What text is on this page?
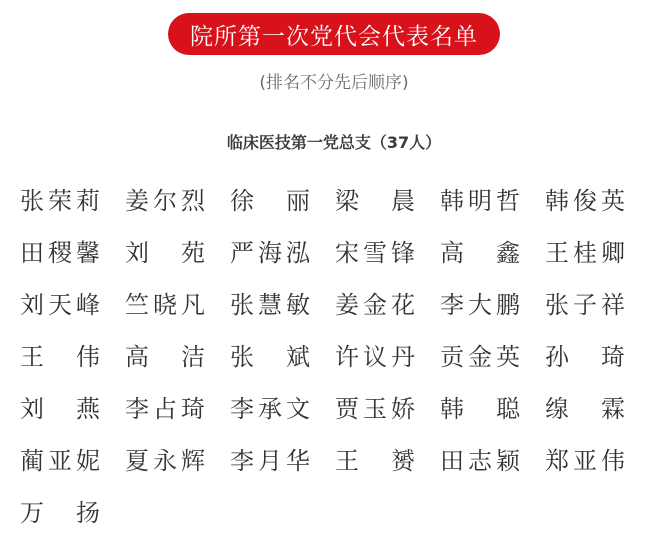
院所第一次党代会代表名单
(排名不分先后顺序)
临床医技第一党总支（37人）
张 荣 莉 姜 尔 烈 徐 丽 梁 晨 韩 明 哲 韩 俊 英
田 稷 馨 刘 苑 严 海 泓 宋 雪 锋 高 鑫 王 桂 卿
刘 天 峰 竺 晓 凡 张 慧 敏 姜 金 花 李 大 鹏 张 子 祥
王 伟 高 洁 张 斌 许 议 丹 贡 金 英 孙 琦
刘 燕 李 占 琦 李 承 文 贾 玉 娇 韩 聪 缐 霖
蔺 亚 妮 夏 永 辉 李 月 华 王 赟 田 志 颖 郑 亚 伟
万 扬
